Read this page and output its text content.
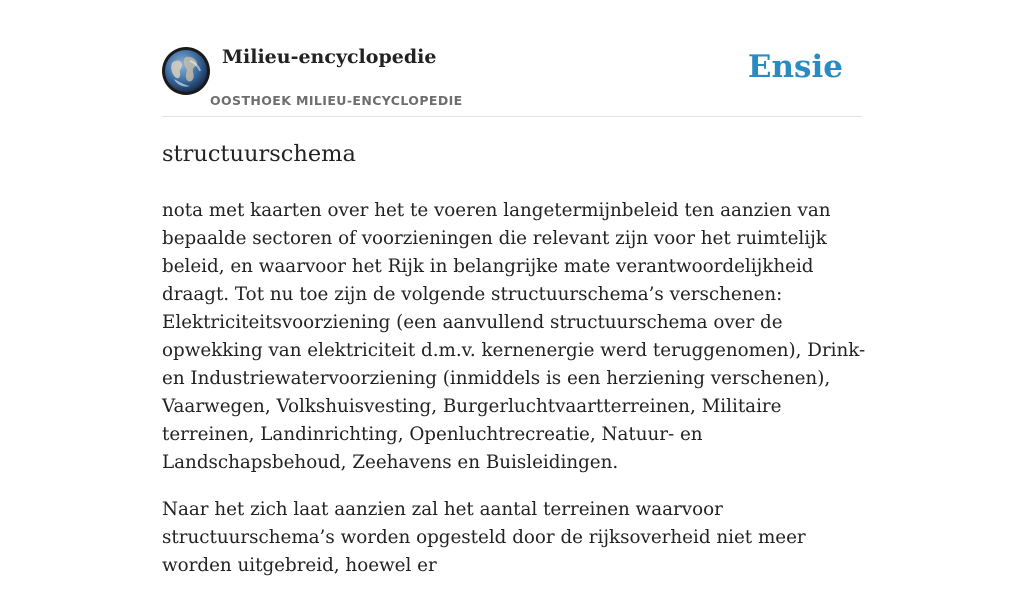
Milieu-encyclopedie
OOSTHOEK MILIEU-ENCYCLOPEDIE
Ensie
structuurschema

nota met kaarten over het te voeren langetermijnbeleid ten aanzien van bepaalde sectoren of voorzieningen die relevant zijn voor het ruimtelijk beleid, en waarvoor het Rijk in belangrijke mate verantwoordelijkheid draagt. Tot nu toe zijn de volgende structuurschema’s verschenen: Elektriciteitsvoorziening (een aanvullend structuurschema over de opwekking van elektriciteit d.m.v. kernenergie werd teruggenomen), Drink- en Industriewatervoorziening (inmiddels is een herziening verschenen), Vaarwegen, Volkshuisvesting, Burgerluchtvaartterreinen, Militaire terreinen, Landinrichting, Openluchtrecreatie, Natuur- en Landschapsbehoud, Zeehavens en Buisleidingen.

Naar het zich laat aanzien zal het aantal terreinen waarvoor structuurschema’s worden opgesteld door de rijksoverheid niet meer worden uitgebreid, hoewel er
